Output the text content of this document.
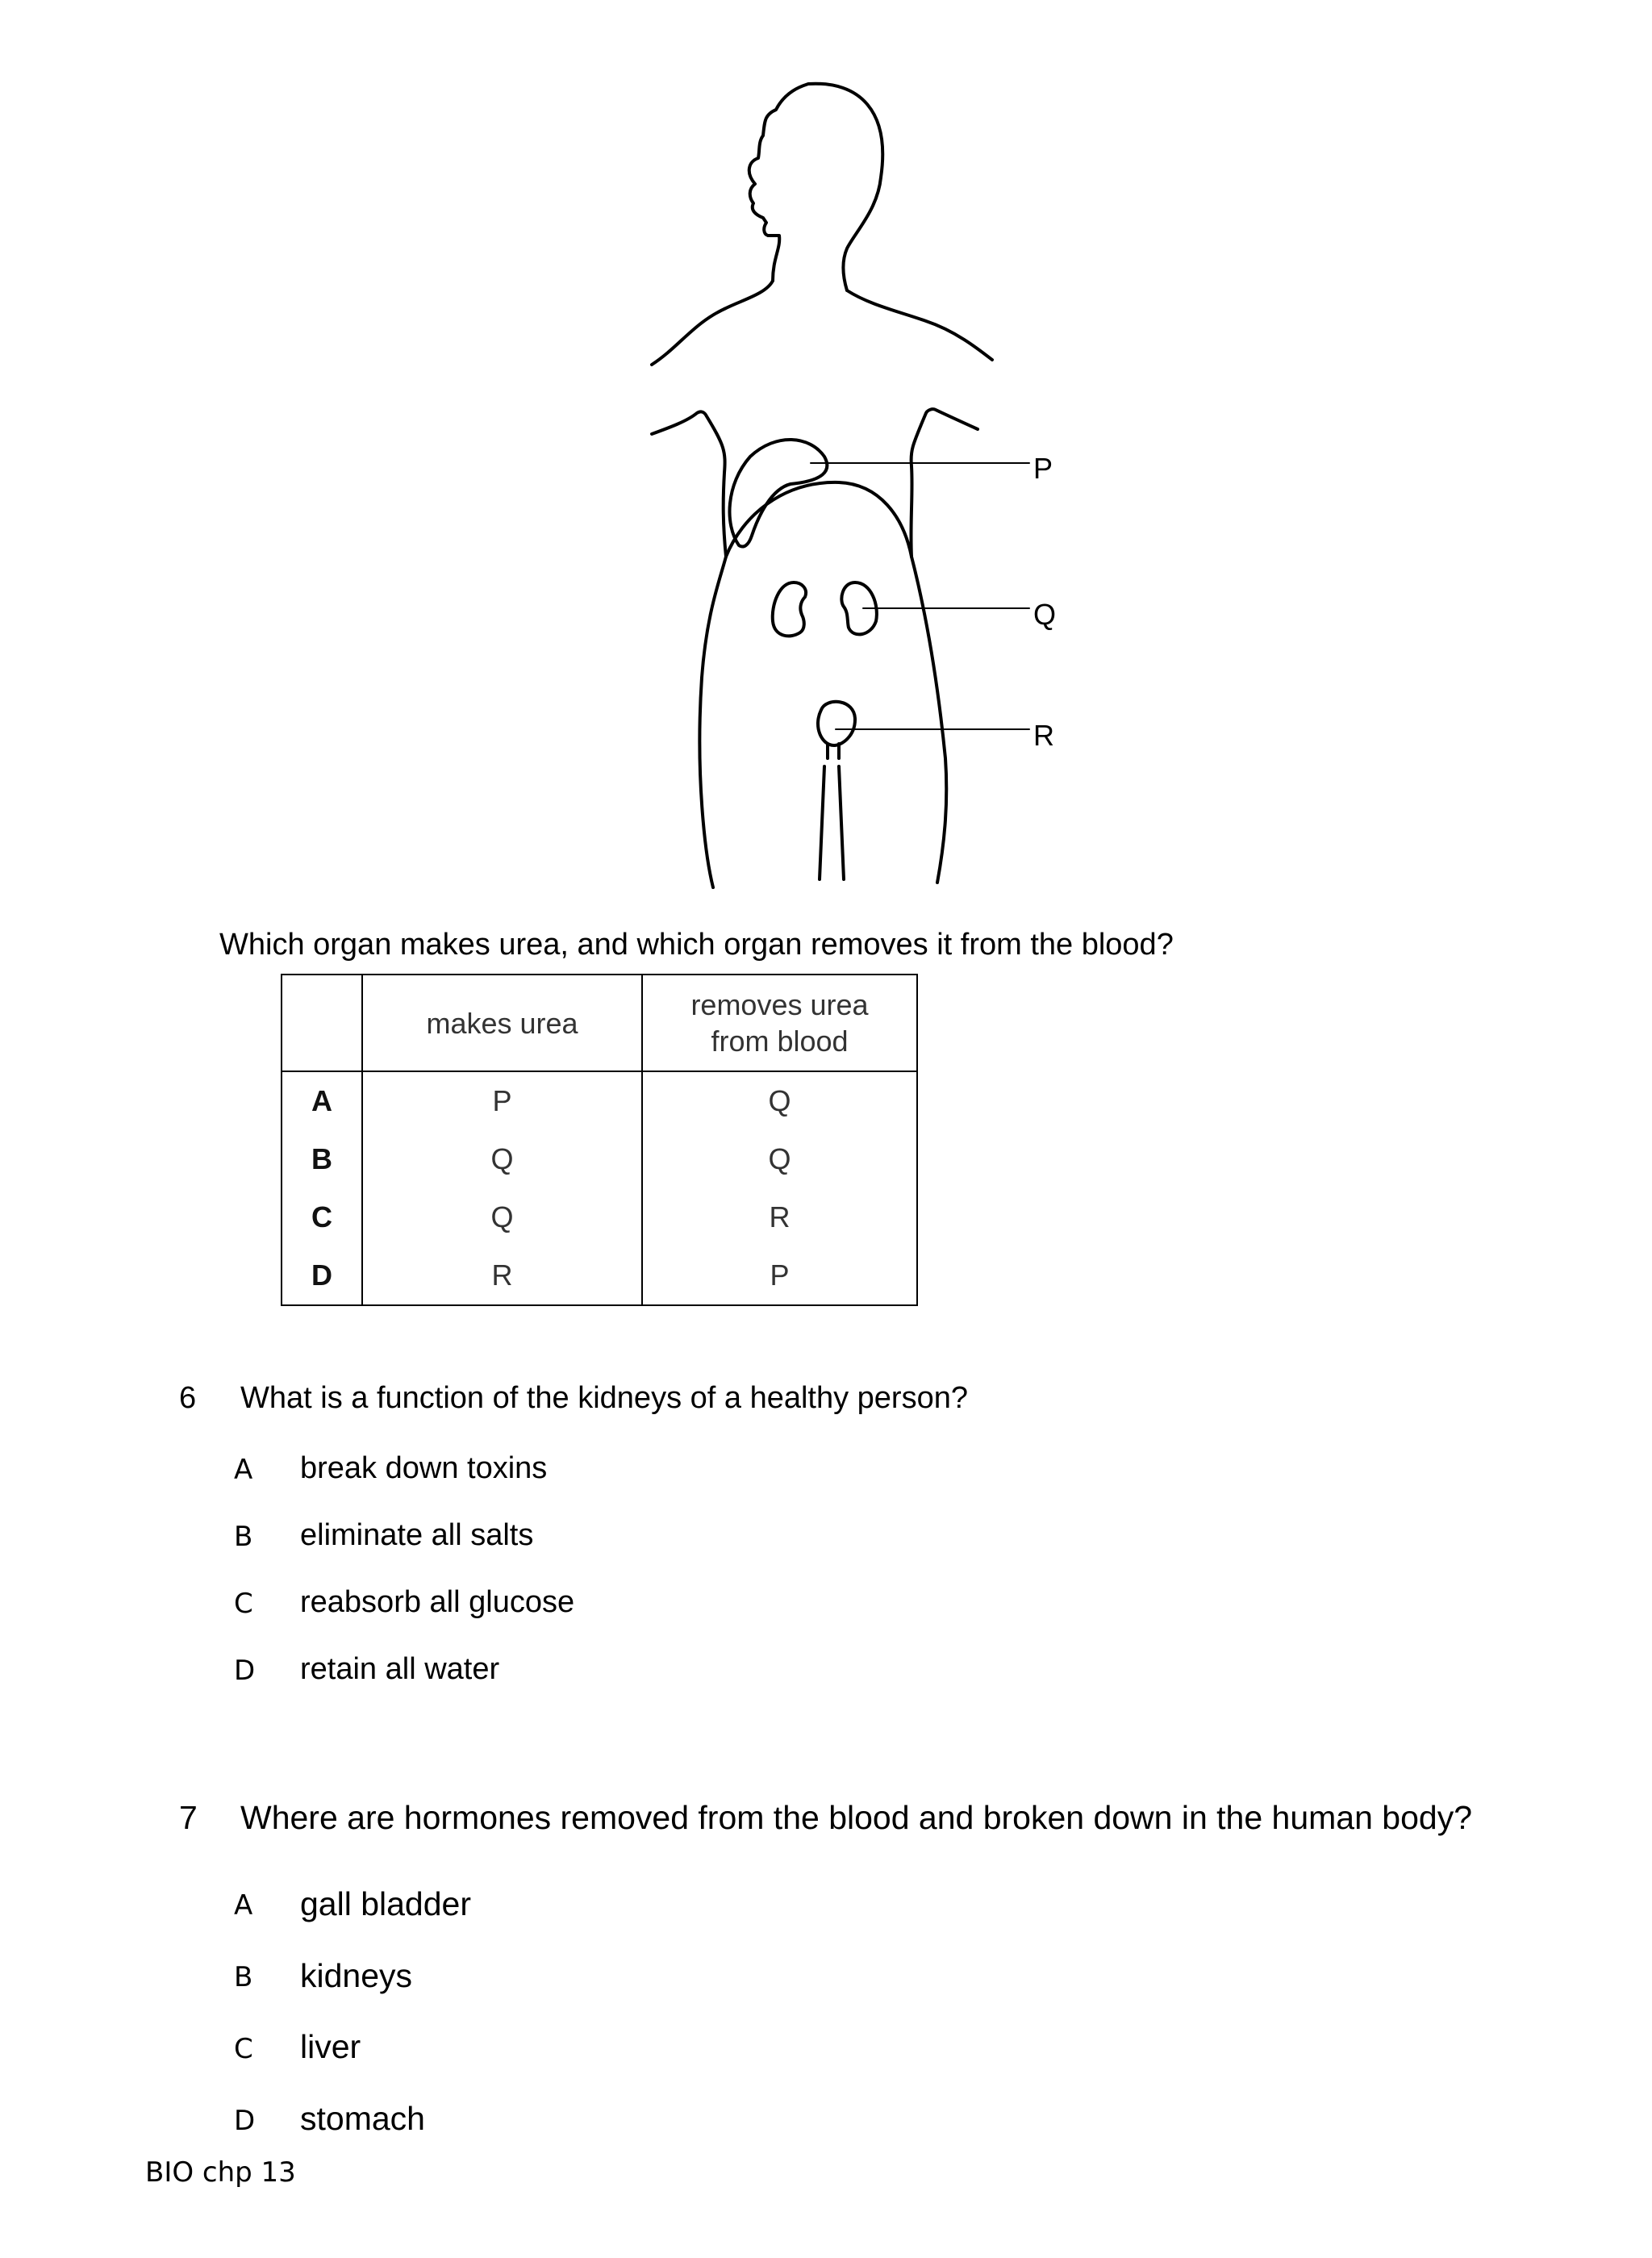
P
Q
R
Which organ makes urea, and which organ removes it from the blood?
	makes urea	removes urea from blood

A	P	Q
B	Q	Q
C	Q	R
D	R	P
6 What is a function of the kidneys of a healthy person?
A break down toxins
B eliminate all salts
C reabsorb all glucose
D retain all water
7 Where are hormones removed from the blood and broken down in the human body?
A gall bladder
B kidneys
C liver
D stomach
BIO chp 13
